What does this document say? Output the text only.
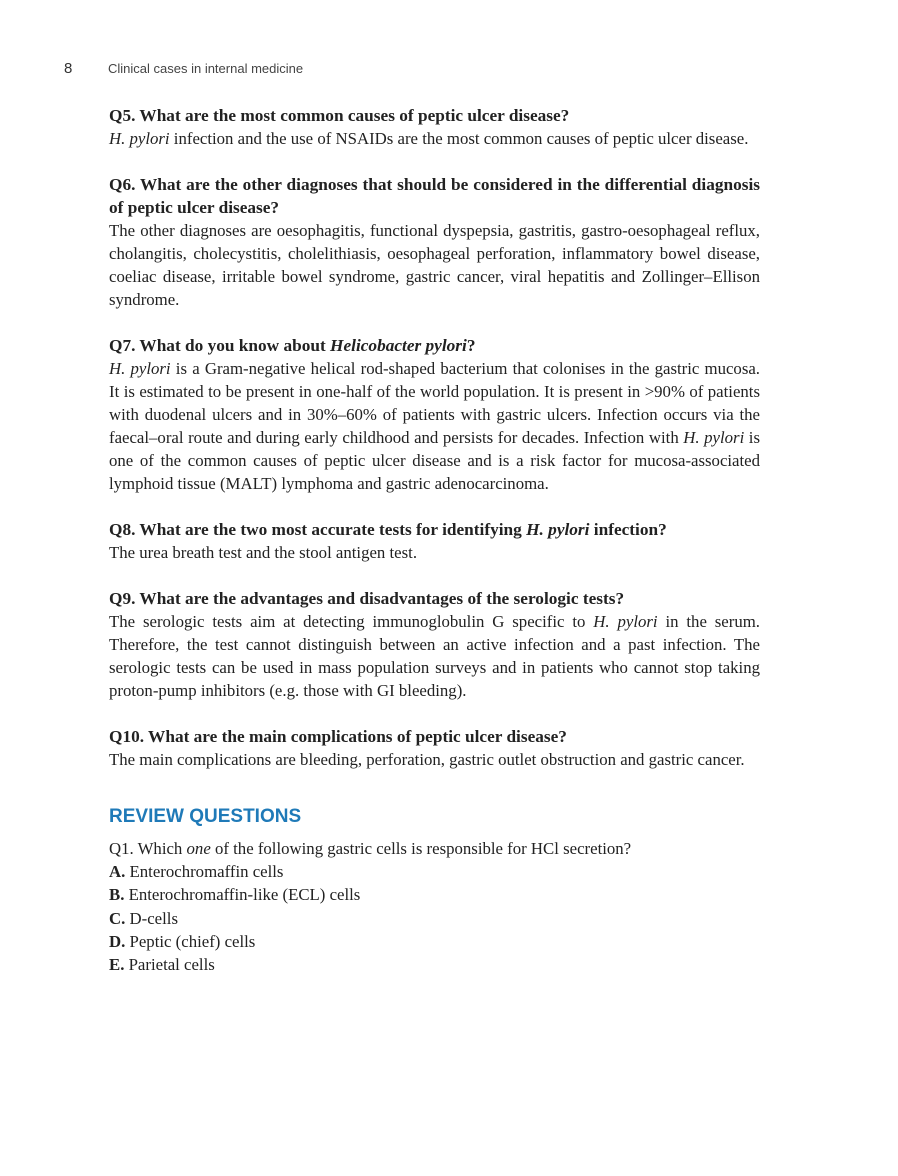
8	Clinical cases in internal medicine
Q5. What are the most common causes of peptic ulcer disease?
H. pylori infection and the use of NSAIDs are the most common causes of peptic ulcer disease.
Q6. What are the other diagnoses that should be considered in the differential diagnosis of peptic ulcer disease?
The other diagnoses are oesophagitis, functional dyspepsia, gastritis, gastro-oesophageal reflux, cholangitis, cholecystitis, cholelithiasis, oesophageal perforation, inflammatory bowel disease, coeliac disease, irritable bowel syndrome, gastric cancer, viral hepatitis and Zollinger–Ellison syndrome.
Q7. What do you know about Helicobacter pylori?
H. pylori is a Gram-negative helical rod-shaped bacterium that colonises in the gastric mucosa. It is estimated to be present in one-half of the world population. It is present in >90% of patients with duodenal ulcers and in 30%–60% of patients with gastric ulcers. Infection occurs via the faecal–oral route and during early childhood and persists for decades. Infection with H. pylori is one of the common causes of peptic ulcer disease and is a risk factor for mucosa-associated lymphoid tissue (MALT) lymphoma and gastric adenocarcinoma.
Q8. What are the two most accurate tests for identifying H. pylori infection?
The urea breath test and the stool antigen test.
Q9. What are the advantages and disadvantages of the serologic tests?
The serologic tests aim at detecting immunoglobulin G specific to H. pylori in the serum. Therefore, the test cannot distinguish between an active infection and a past infection. The serologic tests can be used in mass population surveys and in patients who cannot stop taking proton-pump inhibitors (e.g. those with GI bleeding).
Q10. What are the main complications of peptic ulcer disease?
The main complications are bleeding, perforation, gastric outlet obstruction and gastric cancer.
REVIEW QUESTIONS
Q1. Which one of the following gastric cells is responsible for HCl secretion?
A. Enterochromaffin cells
B. Enterochromaffin-like (ECL) cells
C. D-cells
D. Peptic (chief) cells
E. Parietal cells
